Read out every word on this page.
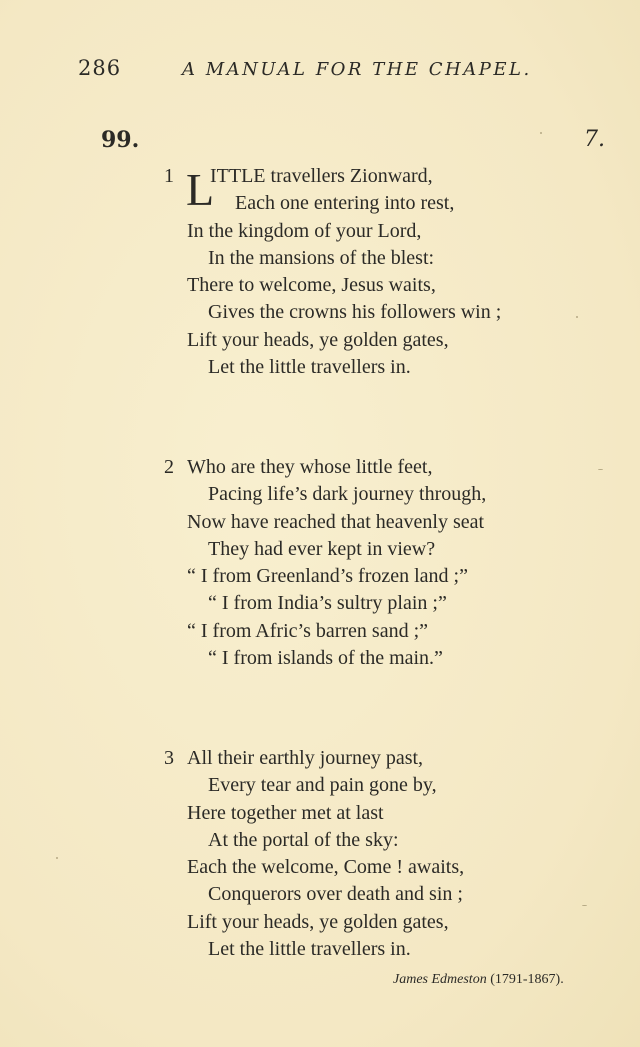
286	A MANUAL FOR THE CHAPEL.
99.	7.
1 L
ITTLE travellers Zionward,
Each one entering into rest,
In the kingdom of your Lord,
In the mansions of the blest:
There to welcome, Jesus waits,
Gives the crowns his followers win ;
Lift your heads, ye golden gates,
Let the little travellers in.
2 Who are they whose little feet,
Pacing life’s dark journey through,
Now have reached that heavenly seat
They had ever kept in view?
“ I from Greenland’s frozen land ;”
“ I from India’s sultry plain ;”
“ I from Afric’s barren sand ;”
“ I from islands of the main.”
3 All their earthly journey past,
Every tear and pain gone by,
Here together met at last
At the portal of the sky:
Each the welcome, Come ! awaits,
Conquerors over death and sin ;
Lift your heads, ye golden gates,
Let the little travellers in.
James Edmeston (1791-1867).
